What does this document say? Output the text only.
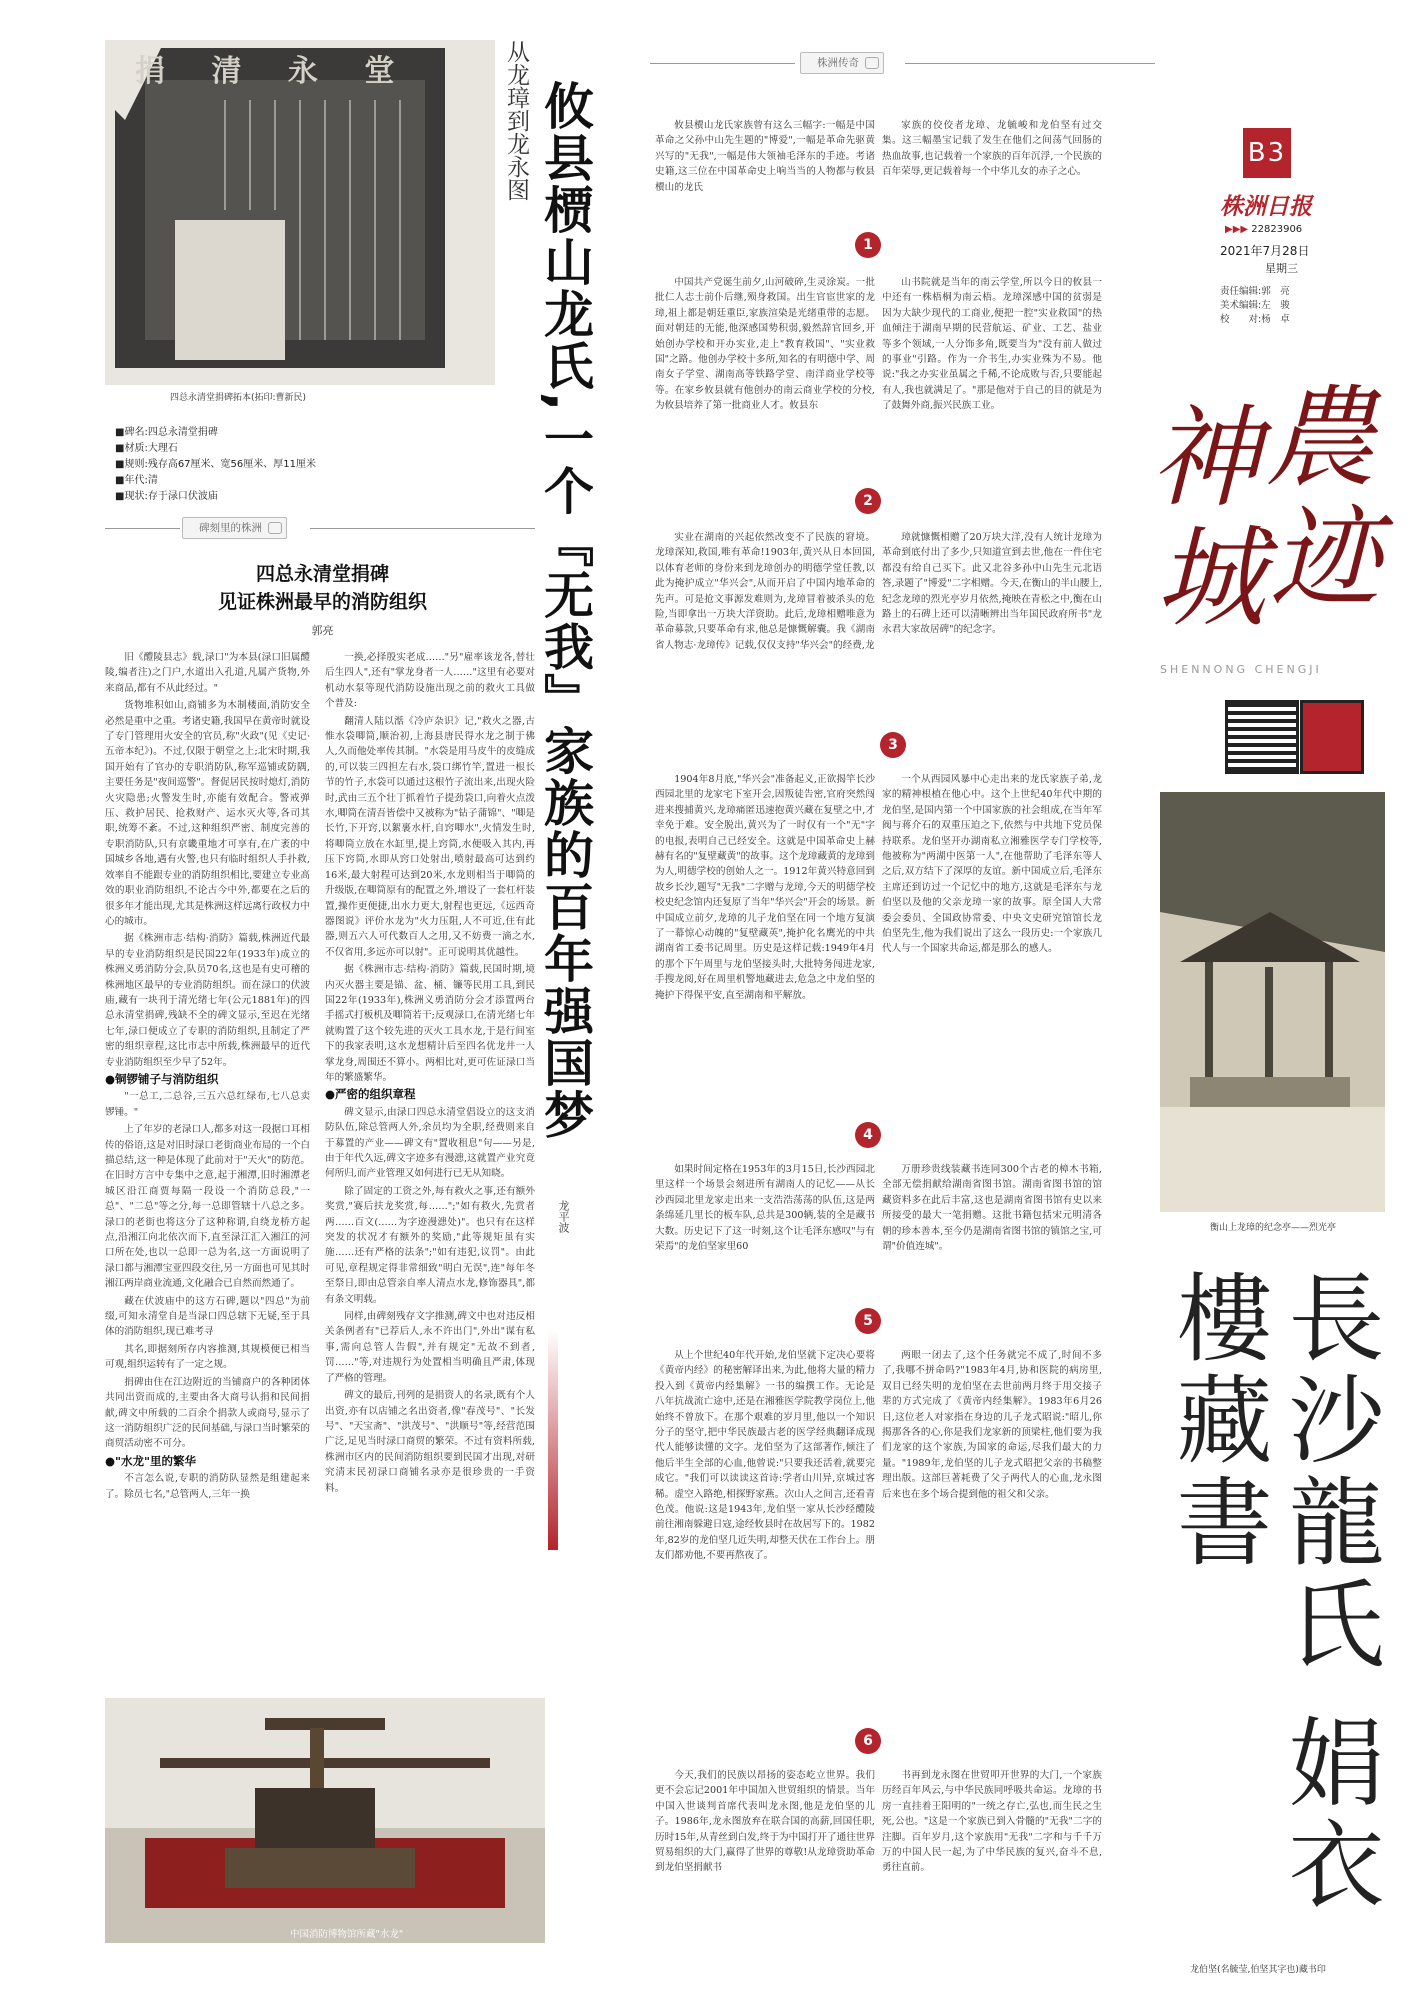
捐 清 永 堂
四总永清堂捐碑拓本(拓印:曹新民)
■碑名:四总永清堂捐碑
■材质:大理石
■规则:残存高67厘米、宽56厘米、厚11厘米
■年代:清
■现状:存于渌口伏波庙
碑刻里的株洲
四总永清堂捐碑
见证株洲最早的消防组织
郭亮

旧《醴陵县志》载,渌口"为本县(渌口旧属醴陵,编者注)之门户,水道出入孔道,凡属产货物,外来商品,都有不从此经过。"

货物堆积如山,商铺多为木制楼面,消防安全必然是重中之重。考诸史籍,我国早在黄帝时就设了专门管理用火安全的官员,称"火政"(见《史记·五帝本纪》)。不过,仅限于朝堂之上;北宋时期,我国开始有了官办的专职消防队,称军巡铺或防隅,主要任务是"夜间巡警"。督促居民按时熄灯,消防火灾隐患;火警发生时,亦能有效配合。警戒弹压、救护居民、抢救财产、运水灭火等,各司其职,统筹不紊。不过,这种组织严密、制度完善的专职消防队,只有京畿重地才可享有,在广袤的中国城乡各地,遇有火警,也只有临时组织人手扑救,效率自不能跟专业的消防组织相比,要建立专业高效的职业消防组织,不论古今中外,都要在之后的很多年才能出现,尤其是株洲这样远离行政权力中心的城市。

据《株洲市志·结构·消防》篇载,株洲近代最早的专业消防组织是民国22年(1933年)成立的株洲义勇消防分会,队员70名,这也是有史可稽的株洲地区最早的专业消防组织。而在渌口的伏波庙,藏有一块刊于清光绪七年(公元1881年)的四总永清堂捐碑,残缺不全的碑文显示,至迟在光绪七年,渌口便成立了专职的消防组织,且制定了严密的组织章程,这比市志中所载,株洲最早的近代专业消防组织至少早了52年。

●铜锣铺子与消防组织

"一总工,二总谷,三五六总红绿布,七八总卖锣锤。"

上了年岁的老渌口人,都多对这一段据口耳相传的俗语,这是对旧时渌口老街商业布局的一个白描总结,这一种是体现了此前对于"天火"的防范。在旧时方言中专集中之意,起于湘潭,旧时湘潭老城区沿江商贾每隔一段设一个消防总段,"一总"、"二总"等之分,每一总即管辖十八总之多。渌口的老街也将这分了这种称谓,自绕龙桥方起点,沿湘江向北依次而下,直至渌江汇入湘江的河口所在处,也以一总即一总为名,这一方面说明了渌口都与湘潭宝亚四段交往,另一方面也可见其时湘江两岸商业流通,文化融合已自然而然通了。

藏在伏波庙中的这方石碑,题以"四总"为前缀,可知永清堂自是当渌口四总辖下无疑,至于具体的消防组织,现已难考寻

其名,即据刻所存内容推测,其规模便已相当可观,组织运转有了一定之规。

捐碑由住在江边附近的当铺商户的各种团体共同出资而成的,主要由各大商号认捐和民间捐献,碑文中所载的二百余个捐款人或商号,显示了这一消防组织广泛的民间基础,与渌口当时繁荣的商贸活动密不可分。

●"水龙"里的繁华

不言怎么说,专职的消防队显然是组建起来了。除员七名,"总管两人,三年一换

一换,必择殷实老成……"另"雇率该龙各,替壮后生四人",还有"掌龙身者一人……"这里有必要对机动水泵等现代消防设施出现之前的救火工具做个普及:

翻清人陆以湉《冷庐杂识》记,"救火之器,古惟水袋唧筒,顺治初,上海县唐民得水龙之制于佛人,久而他处率传其制。"水袋是用马皮牛的皮缝成的,可以装三四担左右水,袋口绑竹竿,置进一根长节的竹子,水袋可以通过这根竹子流出来,出现火险时,武由三五个壮丁抓着竹子提劲袋口,向着火点泼水,唧筒在清吾皆偿中又被称为"钻子蒲锦"、"唧是长竹,下开窍,以絮裹水杆,自窍唧水",火情发生时,将唧筒立放在水缸里,提上窍筒,水便吸入其内,再压下窍筒,水即从窍口处射出,喷射最高可达到约16米,最大射程可达到20米,水龙则相当于唧筒的升级版,在唧筒原有的配置之外,增设了一套杠杆装置,操作更便捷,出水力更大,射程也更远,《远西奇器图说》评价水龙为"火力压阻,人不可近,住有此器,则五六人可代数百人之用,又不妨费一滴之水,不仅省用,多远亦可以射"。正可说明其优越性。

据《株洲市志·结构·消防》篇载,民国时期,境内灭火器主要是锚、盆、桶、镰等民用工具,到民国22年(1933年),株洲义勇消防分会才添置两台手摇式打板机及唧筒若干;反观渌口,在清光绪七年就购置了这个较先进的灭火工具水龙,于是行间室下的我家表明,这水龙想精计后至四名优龙井一人掌龙身,周围还不算小。两相比对,更可佐证渌口当年的繁盛繁华。

●严密的组织章程

碑文显示,由渌口四总永清堂倡设立的这支消防队伍,除总管两人外,余员均为全职,经费则来自于募置的产业——碑文有"置收租息"句——另是,由于年代久远,碑文字迹多有漫漶,这就置产业究竟何所归,而产业管理又如何进行已无从知晓。

除了固定的工资之外,每有救火之事,还有额外奖赏,"赛后扶龙奖赏,每……";"如有救火,先赏者两……百文(……为字迹漫漶处)"。也只有在这样突发的状况才有额外的奖励,"此等规矩虽有实施……还有严格的法条";"如有违犯,议罚"。由此可见,章程规定得非常细致"明白无误",连"每年冬至祭日,即由总管亲自率人清点水龙,修饰器具",都有条文明载。

同样,由碑刻残存文字推测,碑文中也对违反相关条例者有"已荐后人,永不许出门",外出"谋有私事,需向总管人告假",并有规定"无故不到者,罚……"等,对违规行为处置相当明确且严肃,体现了严格的管理。

碑文的最后,刊列的是捐资人的名录,既有个人出资,亦有以店铺之名出资者,像"春茂号"、"长发号"、"天宝斋"、"洪茂号"、"洪顺号"等,经营范围广泛,足见当时渌口商贸的繁荣。不过有资料所载,株洲市区内的民间消防组织要到民国才出现,对研究清末民初渌口商铺名录亦是很珍贵的一手资料。

中国消防博物馆所藏"水龙"
从龙璋到龙永图 攸县槚山龙氏,一个『无我』家族的百年强国梦
龙平波
株洲传奇
攸县槚山龙氏家族曾有这么三幅字:一幅是中国革命之父孙中山先生题的"博爱",一幅是革命先驱黄兴写的"无我",一幅是伟大领袖毛泽东的手迹。考诸史籍,这三位在中国革命史上响当当的人物都与攸县槚山的龙氏
家族的佼佼者龙璋、龙毓峻和龙伯坚有过交集。这三幅墨宝记载了发生在他们之间荡气回肠的热血故事,也记载着一个家族的百年沉浮,一个民族的百年荣辱,更记载着每一个中华儿女的赤子之心。
1
中国共产党诞生前夕,山河破碎,生灵涂炭。一批批仁人志士前仆后继,殒身救国。出生官宦世家的龙璋,祖上都是朝廷重臣,家族渲染是光绪重带的志愿。面对朝廷的无能,他深感国势积弱,毅然辞官回乡,开始创办学校和开办实业,走上"教育救国"、"实业救国"之路。他创办学校十多所,知名的有明德中学、周南女子学堂、湖南高等铁路学堂、南洋商业学校等等。在家乡攸县就有他创办的南云商业学校的分校,为攸县培养了第一批商业人才。攸县东
山书院就是当年的南云学堂,所以今日的攸县一中还有一株梧桐为南云梧。龙璋深感中国的贫弱是因为大缺少现代的工商业,便把一腔"实业救国"的热血倾注于湖南早期的民营航运、矿业、工艺、盐业等多个领域,一人分饰多角,既要当为"没有前人做过的事业"引路。作为一介书生,办实业殊为不易。他说:"我之办实业虽属之千稀,不论成败与否,只要能起有人,我也就满足了。"那是他对于自己的目的就是为了鼓舞外商,振兴民族工业。
2
实业在湖南的兴起依然改变不了民族的窘境。龙璋深知,救国,唯有革命!1903年,黄兴从日本回国,以体育老师的身份来到龙璋创办的明德学堂任教,以此为掩护成立"华兴会",从而开启了中国内地革命的先声。可是抢文事源发难则为,龙璋冒着被杀头的危险,当即拿出一万块大洋资助。此后,龙璋相赠唯意为革命募款,只要革命有求,他总是慷慨解囊。我《湖南省人物志·龙璋传》记载,仅仅支持"华兴会"的经费,龙
璋就慷慨相赠了20万块大洋,没有人统计龙璋为革命到底付出了多少,只知道宣到去世,他在一件住宅都没有给自己买下。此又北谷多孙中山先生元北语答,录题了"博爱"二字相赠。今天,在衡山的半山腰上,纪念龙璋的烈光亭岁月依然,掩映在青松之中,衡在山路上的石碑上还可以清晰辨出当年国民政府所书"龙永君大家故居碑"的纪念字。
3
1904年8月底,"华兴会"准备起义,正欲揭竿长沙西园北里的龙家宅下室开会,因叛徒告密,官府突然闯进来搜捕黄兴,龙璋痛匿迅速抱黄兴藏在复壁之中,才幸免于难。安全脱出,黄兴为了一时仅有一个"无"字的电报,表明自己已经安全。这就是中国革命史上赫赫有名的"复壁藏黄"的故事。这个龙璋藏黄的龙璋到为人,明德学校的创始人之一。1912年黄兴特意回到故乡长沙,题写"无我"二字赠与龙璋,今天的明德学校校史纪念馆内还复原了当年"华兴会"开会的场景。新中国成立前夕,龙璋的儿子龙伯坚在同一个地方复演了一幕惊心动魄的"复壁藏英",掩护化名鹰光的中共湖南省工委书记周里。历史是这样记载:1949年4月的那个下午周里与龙伯坚接头时,大批特务闯进龙家,手搜龙阅,好在周里机警地藏进去,危急之中龙伯坚的掩护下得保平安,直至湖南和平解放。
一个从西园风暴中心走出来的龙氏家族子弟,龙家的精神根植在他心中。这个上世纪40年代中期的龙伯坚,是国内第一个中国家族的社会组成,在当年军阀与蒋介石的双重压迫之下,依然与中共地下党员保持联系。龙伯坚开办湖南私立湘雅医学专门学校等,他被称为"两湖中医第一人",在他帮助了毛泽东等人之后,双方结下了深厚的友谊。新中国成立后,毛泽东主席还到访过一个记忆中的地方,这就是毛泽东与龙伯坚以及他的父亲龙璋一家的故事。原全国人大常委会委员、全国政协常委、中央文史研究馆馆长龙伯坚先生,他为我们说出了这么一段历史:一个家族几代人与一个国家共命运,都是那么的感人。
4
如果时间定格在1953年的3月15日,长沙西园北里这样一个场景会刻进所有湖南人的记忆——从长沙西园北里龙家走出来一支浩浩荡荡的队伍,这是两条绵延几里长的板车队,总共是300辆,装的全是藏书大数。历史记下了这一时刻,这个让毛泽东感叹"与有荣焉"的龙伯坚家里60
万册珍贵线装藏书连同300个古老的樟木书箱,全部无偿捐献给湖南省图书馆。湖南省图书馆的馆藏资料多在此后丰富,这也是湖南省图书馆有史以来所接受的最大一笔捐赠。这批书籍包括宋元明清各朝的珍本善本,至今仍是湖南省图书馆的镇馆之宝,可谓"价值连城"。
5
从上个世纪40年代开始,龙伯坚就下定决心要将《黄帝内经》的秘密解译出来,为此,他将大量的精力投入到《黄帝内经集解》一书的编撰工作。无论是八年抗战流亡途中,还是在湘雅医学院教学岗位上,他始终不曾放下。在那个艰难的岁月里,他以一个知识分子的坚守,把中华民族最古老的医学经典翻译成现代人能够读懂的文字。龙伯坚为了这部著作,倾注了他后半生全部的心血,他曾说:"只要我还活着,就要完成它。"我们可以读读这首诗:学者山川异,京城过客稀。虚空入路绝,相探野家燕。次山人之间言,还看青色茂。他说:这是1943年,龙伯坚一家从长沙经醴陵前往湘南躲避日寇,途经攸县时在故居写下的。1982年,82岁的龙伯坚几近失明,却整天伏在工作台上。朋友们都劝他,不要再熬夜了。
两眼一闭去了,这个任务就完不成了,时间不多了,我哪不拼命吗?"1983年4月,协和医院的病房里,双目已经失明的龙伯坚在去世前两月终于用交接子辈的方式完成了《黄帝内经集解》。1983年6月26日,这位老人对家指在身边的儿子龙式昭说:"昭儿,你揭那各各的心,你是我们龙家新的顶梁柱,他们要为我们龙家的这个家族,为国家的命运,尽我们最大的力量。"1989年,龙伯坚的儿子龙式昭把父亲的书稿整理出版。这部巨著耗费了父子两代人的心血,龙永图后来也在多个场合提到他的祖父和父亲。
6
今天,我们的民族以昂扬的姿态屹立世界。我们更不会忘记2001年中国加入世贸组织的情景。当年中国入世谈判首席代表叫龙永图,他是龙伯坚的儿子。1986年,龙永图放弃在联合国的高薪,回国任职,历时15年,从青丝到白发,终于为中国打开了通往世界贸易组织的大门,赢得了世界的尊敬!从龙璋资助革命到龙伯坚捐献书
书再到龙永图在世贸叩开世界的大门,一个家族历经百年风云,与中华民族同呼吸共命运。龙璋的书房一直挂着王阳明的"一统之存亡,弘也,而生民之生死,公也。"这是一个家族已到入骨髓的"无我"二字的注脚。百年岁月,这个家族用"无我"二字和与千千万万的中国人民一起,为了中华民族的复兴,奋斗不息,勇往直前。
B3
株洲日报
▶▶▶ 22823906
2021年7月28日
星期三
责任编辑:郭　亮
美术编辑:左　骏
校　　对:杨　卓
農
神
迹
城
SHENNONG CHENGJI
衡山上龙璋的纪念亭——烈光亭
長沙龍氏 娟衣樓藏書
龙伯坚(名毓莹,伯坚其字也)藏书印
